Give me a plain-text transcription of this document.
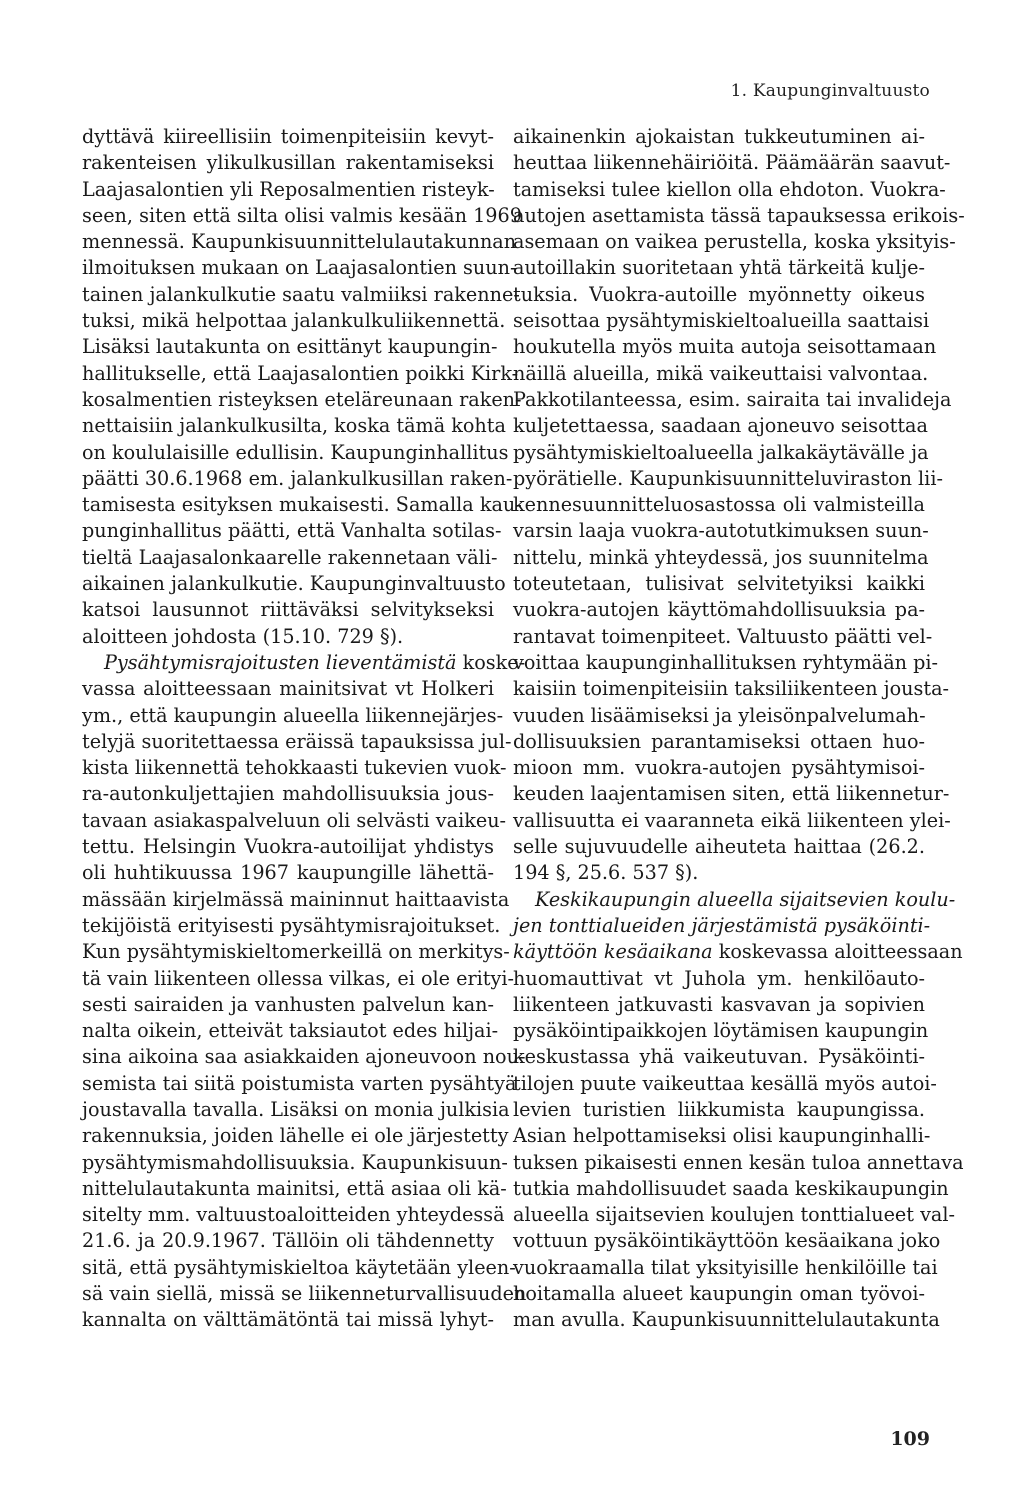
1. Kaupunginvaltuusto
dyttävä kiireellisiin toimenpiteisiin kevyt-
rakenteisen ylikulkusillan rakentamiseksi
Laajasalontien yli Reposalmentien risteyk-
seen, siten että silta olisi valmis kesään 1969
mennessä. Kaupunkisuunnittelulautakunnan
ilmoituksen mukaan on Laajasalontien suun-
tainen jalankulkutie saatu valmiiksi rakenne-
tuksi, mikä helpottaa jalankulkuliikennettä.
Lisäksi lautakunta on esittänyt kaupungin-
hallitukselle, että Laajasalontien poikki Kirk-
kosalmentien risteyksen eteläreunaan raken-
nettaisiin jalankulkusilta, koska tämä kohta
on koululaisille edullisin. Kaupunginhallitus
päätti 30.6.1968 em. jalankulkusillan raken-
tamisesta esityksen mukaisesti. Samalla kau-
punginhallitus päätti, että Vanhalta sotilas-
tieltä Laajasalonkaarelle rakennetaan väli-
aikainen jalankulkutie. Kaupunginvaltuusto
katsoi lausunnot riittäväksi selvitykseksi
aloitteen johdosta (15.10. 729 §).
Pysähtymisrajoitusten lieventämistä koske-
vassa aloitteessaan mainitsivat vt Holkeri
ym., että kaupungin alueella liikennejärjes-
telyjä suoritettaessa eräissä tapauksissa jul-
kista liikennettä tehokkaasti tukevien vuok-
ra-autonkuljettajien mahdollisuuksia jous-
tavaan asiakaspalveluun oli selvästi vaikeu-
tettu. Helsingin Vuokra-autoilijat yhdistys
oli huhtikuussa 1967 kaupungille lähettä-
mässään kirjelmässä maininnut haittaavista
tekijöistä erityisesti pysähtymisrajoitukset.
Kun pysähtymiskieltomerkeillä on merkitys-
tä vain liikenteen ollessa vilkas, ei ole erityi-
sesti sairaiden ja vanhusten palvelun kan-
nalta oikein, etteivät taksiautot edes hiljai-
sina aikoina saa asiakkaiden ajoneuvoon nou-
semista tai siitä poistumista varten pysähtyä
joustavalla tavalla. Lisäksi on monia julkisia
rakennuksia, joiden lähelle ei ole järjestetty
pysähtymismahdollisuuksia. Kaupunkisuun-
nittelulautakunta mainitsi, että asiaa oli kä-
sitelty mm. valtuustoaloitteiden yhteydessä
21.6. ja 20.9.1967. Tällöin oli tähdennetty
sitä, että pysähtymiskieltoa käytetään yleen-
sä vain siellä, missä se liikenneturvallisuuden
kannalta on välttämätöntä tai missä lyhyt-
aikainenkin ajokaistan tukkeutuminen ai-
heuttaa liikennehäiriöitä. Päämäärän saavut-
tamiseksi tulee kiellon olla ehdoton. Vuokra-
autojen asettamista tässä tapauksessa erikois-
asemaan on vaikea perustella, koska yksityis-
autoillakin suoritetaan yhtä tärkeitä kulje-
tuksia. Vuokra-autoille myönnetty oikeus
seisottaa pysähtymiskieltoalueilla saattaisi
houkutella myös muita autoja seisottamaan
näillä alueilla, mikä vaikeuttaisi valvontaa.
Pakkotilanteessa, esim. sairaita tai invalideja
kuljetettaessa, saadaan ajoneuvo seisottaa
pysähtymiskieltoalueella jalkakäytävälle ja
pyörätielle. Kaupunkisuunnitteluviraston lii-
kennesuunnitteluosastossa oli valmisteilla
varsin laaja vuokra-autotutkimuksen suun-
nittelu, minkä yhteydessä, jos suunnitelma
toteutetaan, tulisivat selvitetyiksi kaikki
vuokra-autojen käyttömahdollisuuksia pa-
rantavat toimenpiteet. Valtuusto päätti vel-
voittaa kaupunginhallituksen ryhtymään pi-
kaisiin toimenpiteisiin taksiliikenteen jousta-
vuuden lisäämiseksi ja yleisönpalvelumah-
dollisuuksien parantamiseksi ottaen huo-
mioon mm. vuokra-autojen pysähtymisoi-
keuden laajentamisen siten, että liikennetur-
vallisuutta ei vaaranneta eikä liikenteen ylei-
selle sujuvuudelle aiheuteta haittaa (26.2.
194 §, 25.6. 537 §).
Keskikaupungin alueella sijaitsevien koulu-
jen tonttialueiden järjestämistä pysäköinti-
käyttöön kesäaikana koskevassa aloitteessaan
huomauttivat vt Juhola ym. henkilöauto-
liikenteen jatkuvasti kasvavan ja sopivien
pysäköintipaikkojen löytämisen kaupungin
keskustassa yhä vaikeutuvan. Pysäköinti-
tilojen puute vaikeuttaa kesällä myös autoi-
levien turistien liikkumista kaupungissa.
Asian helpottamiseksi olisi kaupunginhalli-
tuksen pikaisesti ennen kesän tuloa annettava
tutkia mahdollisuudet saada keskikaupungin
alueella sijaitsevien koulujen tonttialueet val-
vottuun pysäköintikäyttöön kesäaikana joko
vuokraamalla tilat yksityisille henkilöille tai
hoitamalla alueet kaupungin oman työvoi-
man avulla. Kaupunkisuunnittelulautakunta
109
